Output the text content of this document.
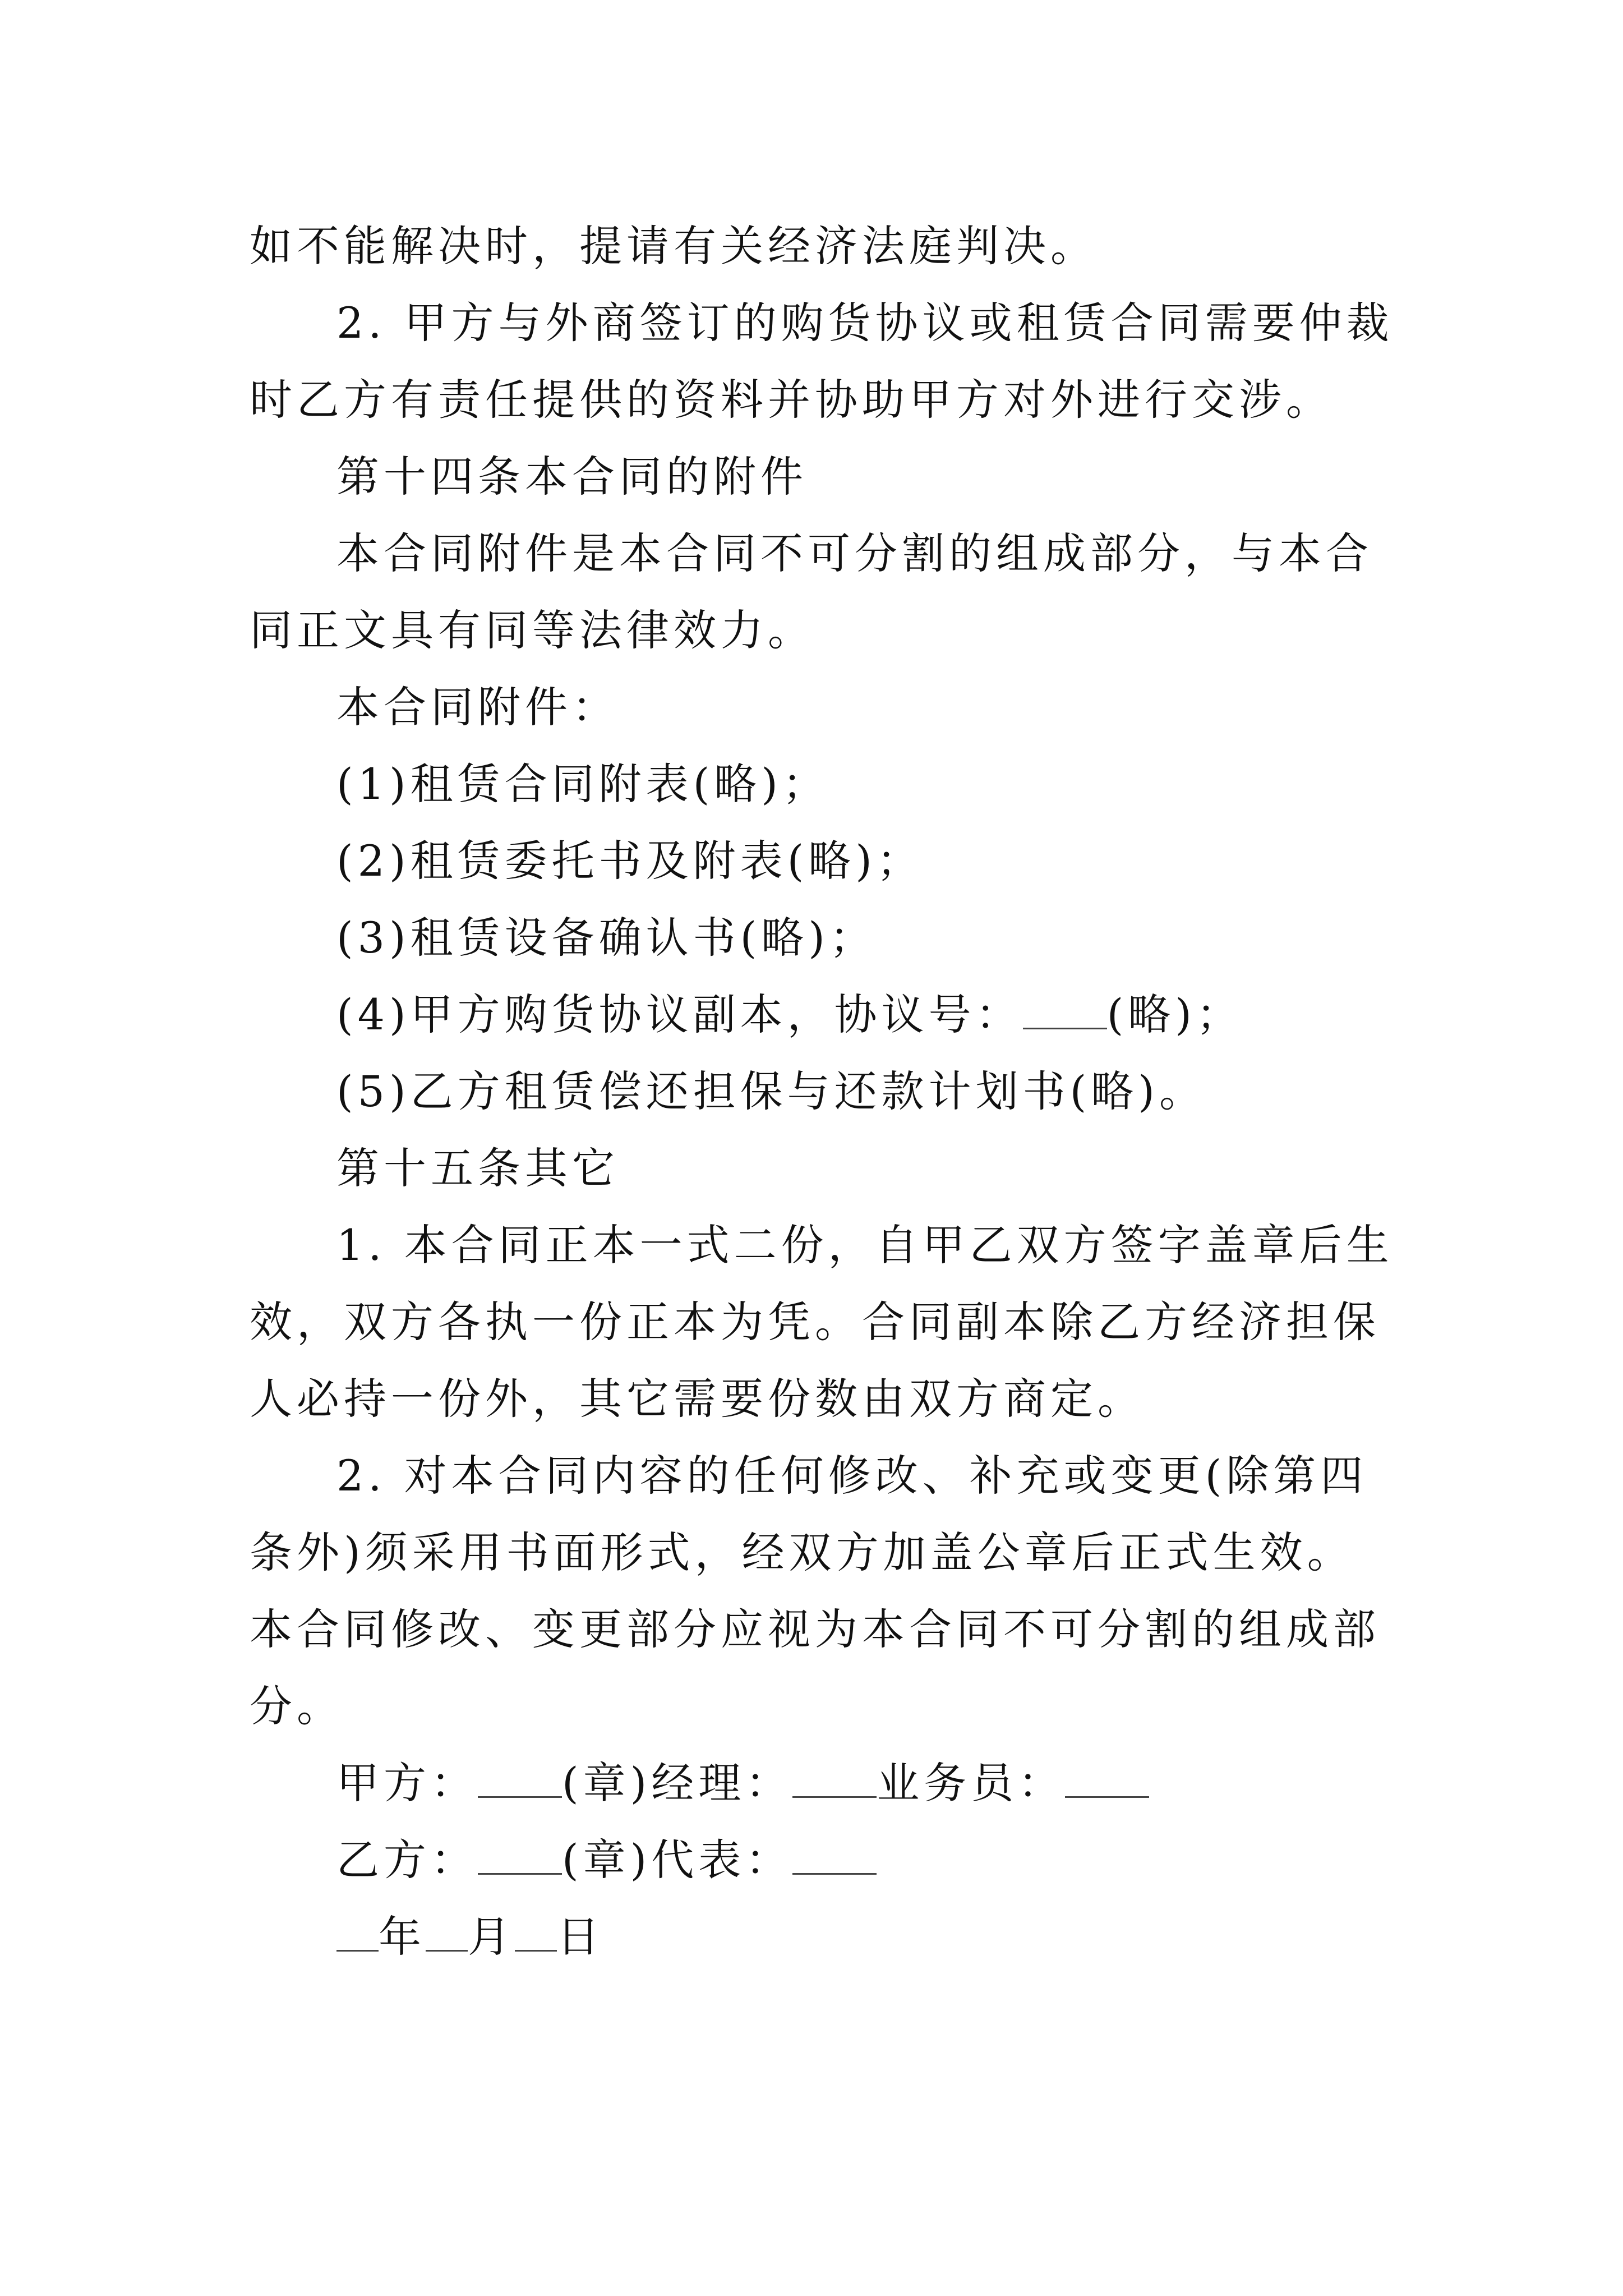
如不能解决时，提请有关经济法庭判决。

2. 甲方与外商签订的购货协议或租赁合同需要仲裁时乙方有责任提供的资料并协助甲方对外进行交涉。

第十四条本合同的附件

本合同附件是本合同不可分割的组成部分，与本合同正文具有同等法律效力。

本合同附件：

(1)租赁合同附表(略)；

(2)租赁委托书及附表(略)；

(3)租赁设备确认书(略)；

(4)甲方购货协议副本，协议号： (略)；

(5)乙方租赁偿还担保与还款计划书(略)。

第十五条其它

1. 本合同正本一式二份，自甲乙双方签字盖章后生效，双方各执一份正本为凭。合同副本除乙方经济担保人必持一份外，其它需要份数由双方商定。

2. 对本合同内容的任何修改、补充或变更(除第四条外)须采用书面形式，经双方加盖公章后正式生效。本合同修改、变更部分应视为本合同不可分割的组成部分。

甲方： (章)经理： 业务员：

乙方： (章)代表：

年 月 日
